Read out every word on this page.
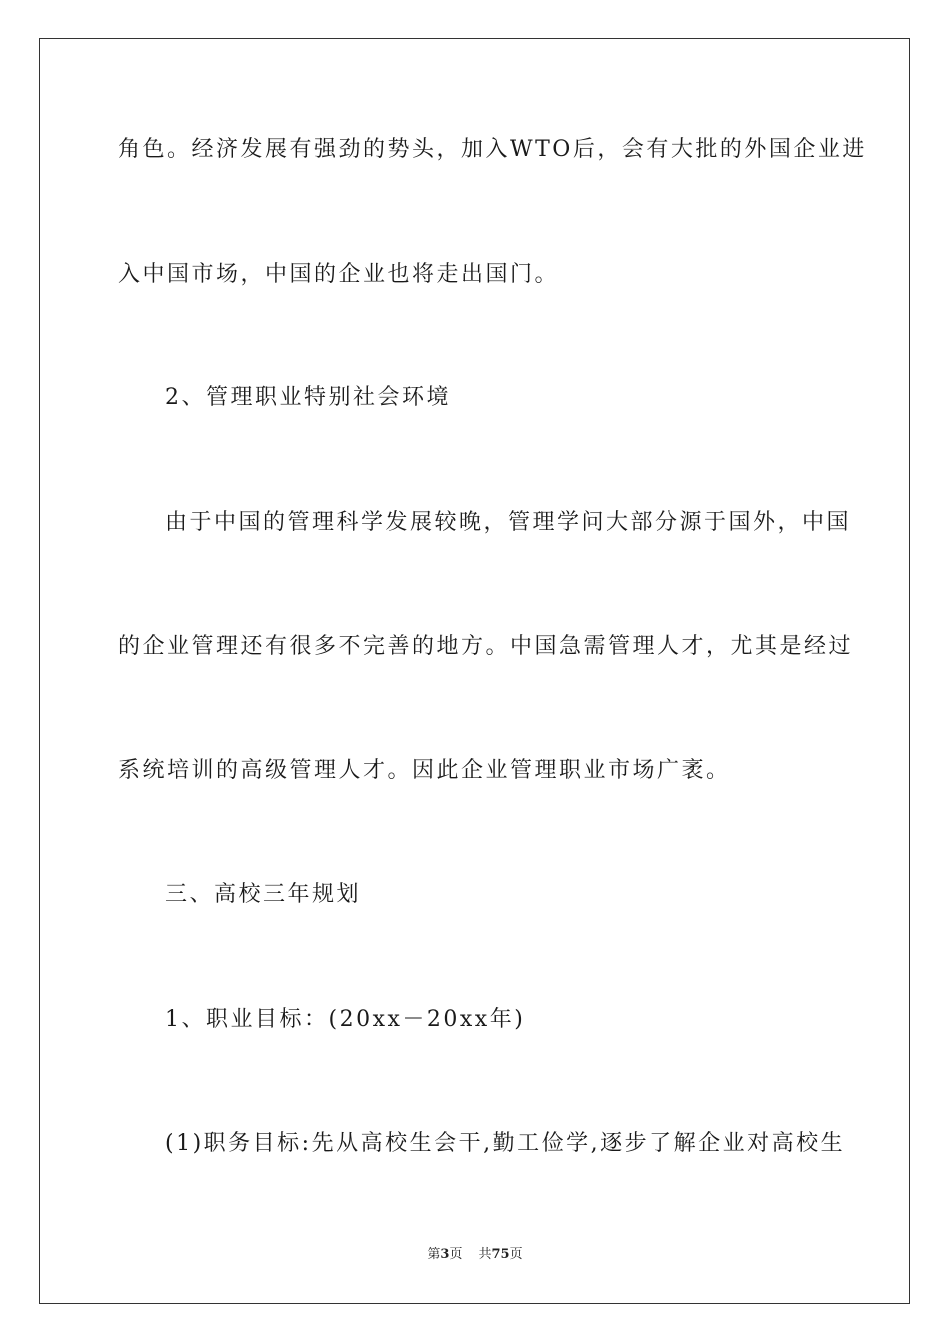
角色。经济发展有强劲的势头，加入WTO后，会有大批的外国企业进
入中国市场，中国的企业也将走出国门。
2、管理职业特别社会环境
由于中国的管理科学发展较晚，管理学问大部分源于国外，中国
的企业管理还有很多不完善的地方。中国急需管理人才，尤其是经过
系统培训的高级管理人才。因此企业管理职业市场广袤。
三、高校三年规划
1、职业目标：(20xx－20xx年)
(1)职务目标:先从高校生会干,勤工俭学,逐步了解企业对高校生
第3页 共75页
